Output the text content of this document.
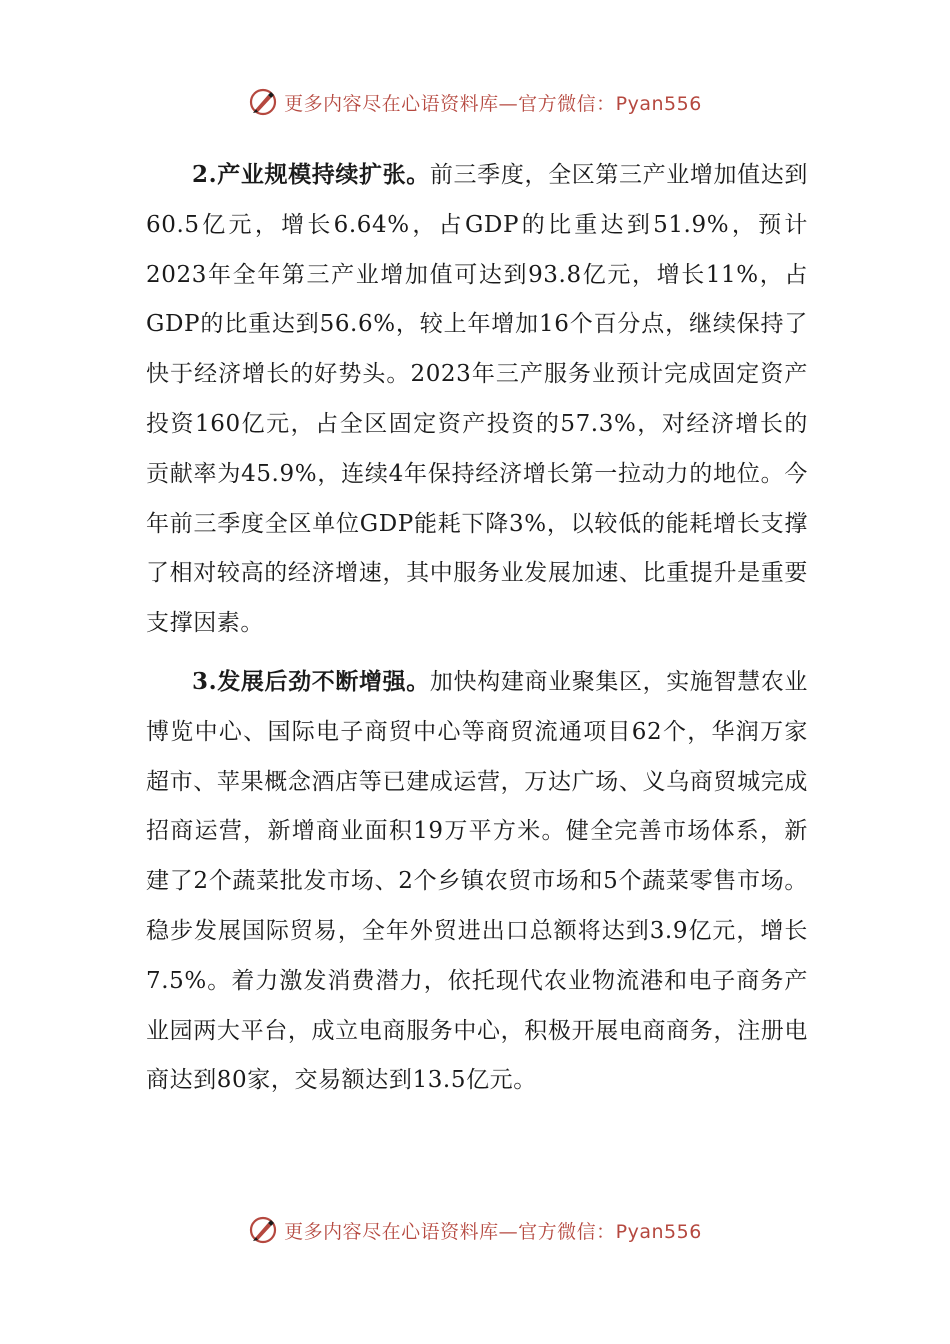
更多内容尽在心语资料库—官方微信：Pyan556

2.产业规模持续扩张。前三季度，全区第三产业增加值达到60.5亿元，增长6.64%，占GDP的比重达到51.9%，预计2023年全年第三产业增加值可达到93.8亿元，增长11%，占GDP的比重达到56.6%，较上年增加16个百分点，继续保持了快于经济增长的好势头。2023年三产服务业预计完成固定资产投资160亿元，占全区固定资产投资的57.3%，对经济增长的贡献率为45.9%，连续4年保持经济增长第一拉动力的地位。今年前三季度全区单位GDP能耗下降3%，以较低的能耗增长支撑了相对较高的经济增速，其中服务业发展加速、比重提升是重要支撑因素。

3.发展后劲不断增强。加快构建商业聚集区，实施智慧农业博览中心、国际电子商贸中心等商贸流通项目62个，华润万家超市、苹果概念酒店等已建成运营，万达广场、义乌商贸城完成招商运营，新增商业面积19万平方米。健全完善市场体系，新建了2个蔬菜批发市场、2个乡镇农贸市场和5个蔬菜零售市场。稳步发展国际贸易，全年外贸进出口总额将达到3.9亿元，增长7.5%。着力激发消费潜力，依托现代农业物流港和电子商务产业园两大平台，成立电商服务中心，积极开展电商商务，注册电商达到80家，交易额达到13.5亿元。

更多内容尽在心语资料库—官方微信：Pyan556
